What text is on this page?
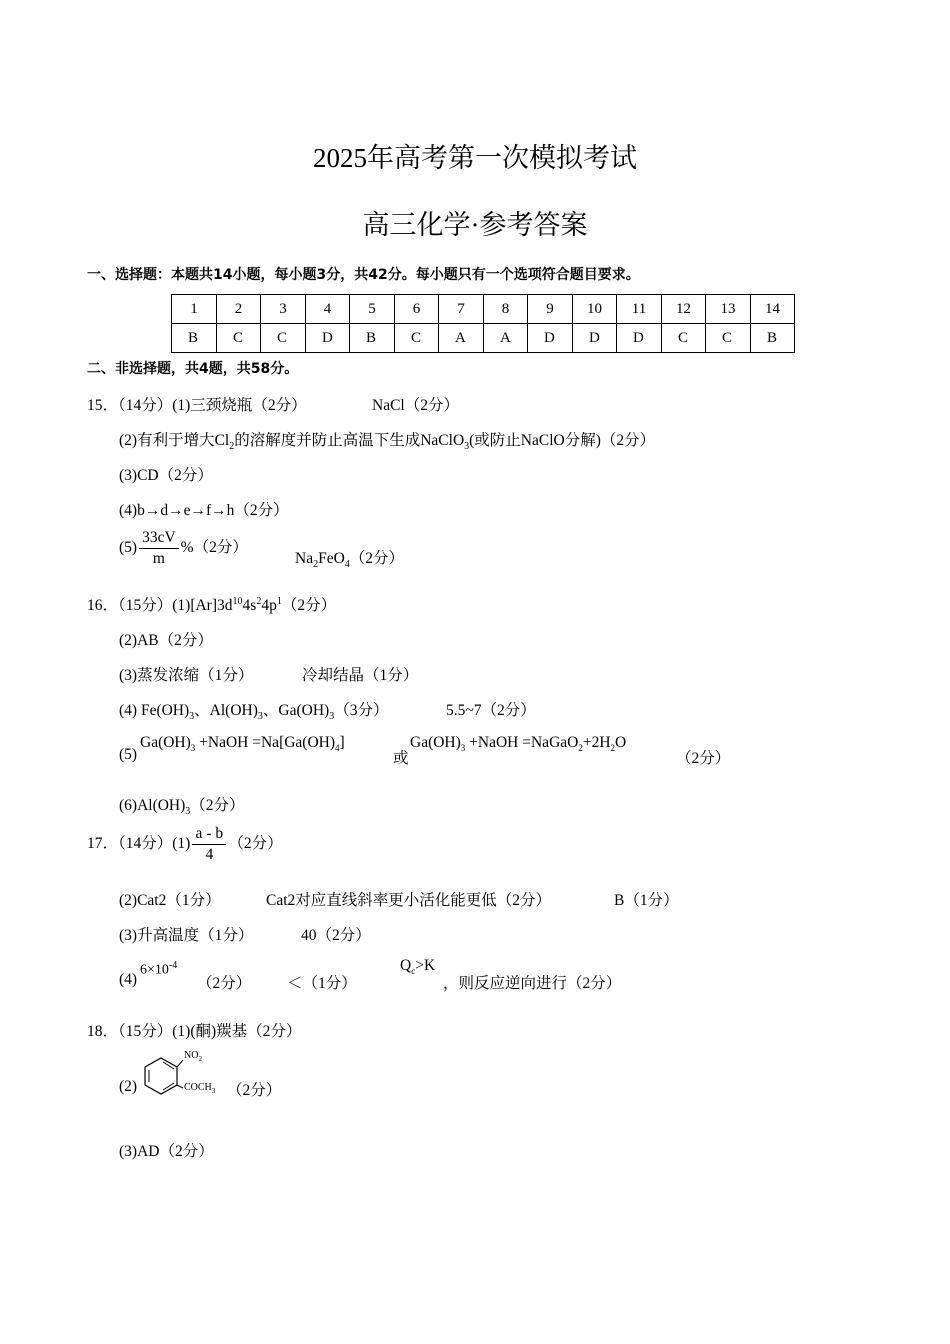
2025年高考第一次模拟考试
高三化学·参考答案
一、选择题：本题共14小题，每小题3分，共42分。每小题只有一个选项符合题目要求。
1	2	3	4	5	6	7	8	9	10	11	12	13	14
B	C	C	D	B	C	A	A	D	D	D	C	C	B
二、非选择题，共4题，共58分。
15．（14分）(1)三颈烧瓶（2分）	NaCl（2分）
(2)有利于增大$Cl_2$的溶解度并防止高温下生成NaClO$_3$(或防止NaClO分解)（2分）
(3)CD（2分）
(4)b→d→e→f→h（2分）
$(5) \frac{33cV}{m} \%(2$分）
$Na_2FeO_4(2$分）
16．（15分）$(1)[Ar]3d^{10}4s^24p^1(2$分）
(2)AB（2分）
(3)蒸发浓缩（1分）	冷却结晶（1分）
(4) $Fe(OH)_3$、$Al(OH)_3$、$Ga(OH)_3(3$分）	5.5~7（2分）
(5)
$Ga(OH)_3$ +NaOH $=Na[Ga(OH)_4]$
或
$Ga(OH)_3$ +NaOH $=NaGaO_2+2H_2O$
（2分）
$(6)Al(OH)_3(2$分）
17．（14分）$(1) \frac{a - b}{4} (2$分）
(2)Cat2（1分）	Cat2对应直线斜率更小活化能更低（2分）	B（1分）
(3)升高温度（1分）	40（2分）
(4)
$6\times 10^{-4}$
（2分） ＜（1分）
$Q_c>K$
，则反应逆向进行（2分）
18．（15分）(1)(酮)羰基（2分）
(2)
$NO_2$
$COCH_3$ （2分）
(3)AD（2分）
